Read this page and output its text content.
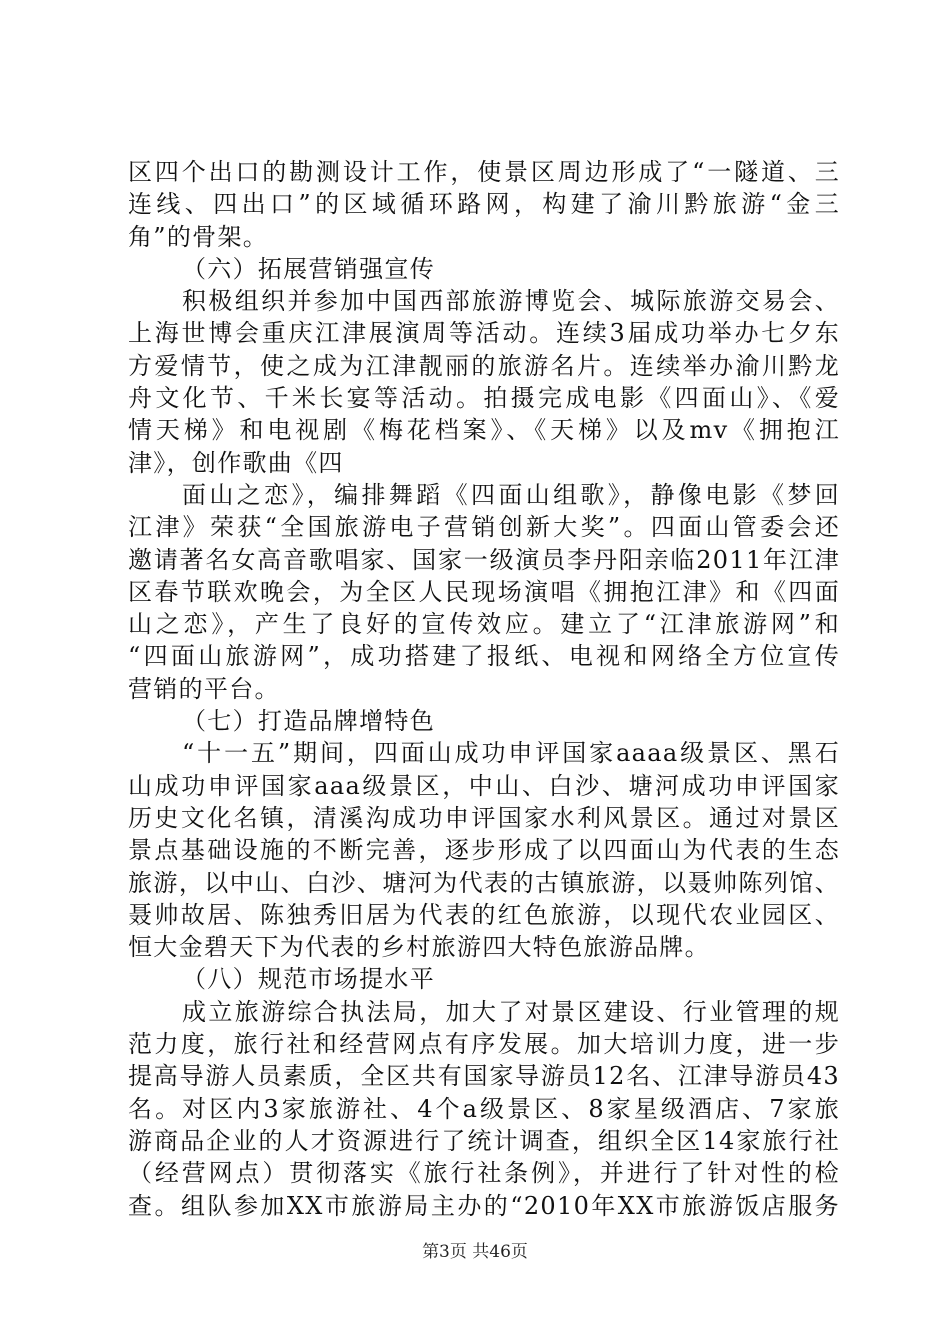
区四个出口的勘测设计工作，使景区周边形成了“一隧道、三
连线、四出口”的区域循环路网，构建了渝川黔旅游“金三
角”的骨架。
（六）拓展营销强宣传
积极组织并参加中国西部旅游博览会、城际旅游交易会、
上海世博会重庆江津展演周等活动。连续3届成功举办七夕东
方爱情节，使之成为江津靓丽的旅游名片。连续举办渝川黔龙
舟文化节、千米长宴等活动。拍摄完成电影《四面山》、《爱
情天梯》和电视剧《梅花档案》、《天梯》以及mv《拥抱江
津》，创作歌曲《四
面山之恋》，编排舞蹈《四面山组歌》，静像电影《梦回
江津》荣获“全国旅游电子营销创新大奖”。四面山管委会还
邀请著名女高音歌唱家、国家一级演员李丹阳亲临2011年江津
区春节联欢晚会，为全区人民现场演唱《拥抱江津》和《四面
山之恋》，产生了良好的宣传效应。建立了“江津旅游网”和
“四面山旅游网”，成功搭建了报纸、电视和网络全方位宣传
营销的平台。
（七）打造品牌增特色
“十一五”期间，四面山成功申评国家aaaa级景区、黑石
山成功申评国家aaa级景区，中山、白沙、塘河成功申评国家
历史文化名镇，清溪沟成功申评国家水利风景区。通过对景区
景点基础设施的不断完善，逐步形成了以四面山为代表的生态
旅游，以中山、白沙、塘河为代表的古镇旅游，以聂帅陈列馆、
聂帅故居、陈独秀旧居为代表的红色旅游，以现代农业园区、
恒大金碧天下为代表的乡村旅游四大特色旅游品牌。
（八）规范市场提水平
成立旅游综合执法局，加大了对景区建设、行业管理的规
范力度，旅行社和经营网点有序发展。加大培训力度，进一步
提高导游人员素质，全区共有国家导游员12名、江津导游员43
名。对区内3家旅游社、4个a级景区、8家星级酒店、7家旅
游商品企业的人才资源进行了统计调查，组织全区14家旅行社
（经营网点）贯彻落实《旅行社条例》，并进行了针对性的检
查。组队参加XX市旅游局主办的“2010年XX市旅游饭店服务
第3页 共46页
